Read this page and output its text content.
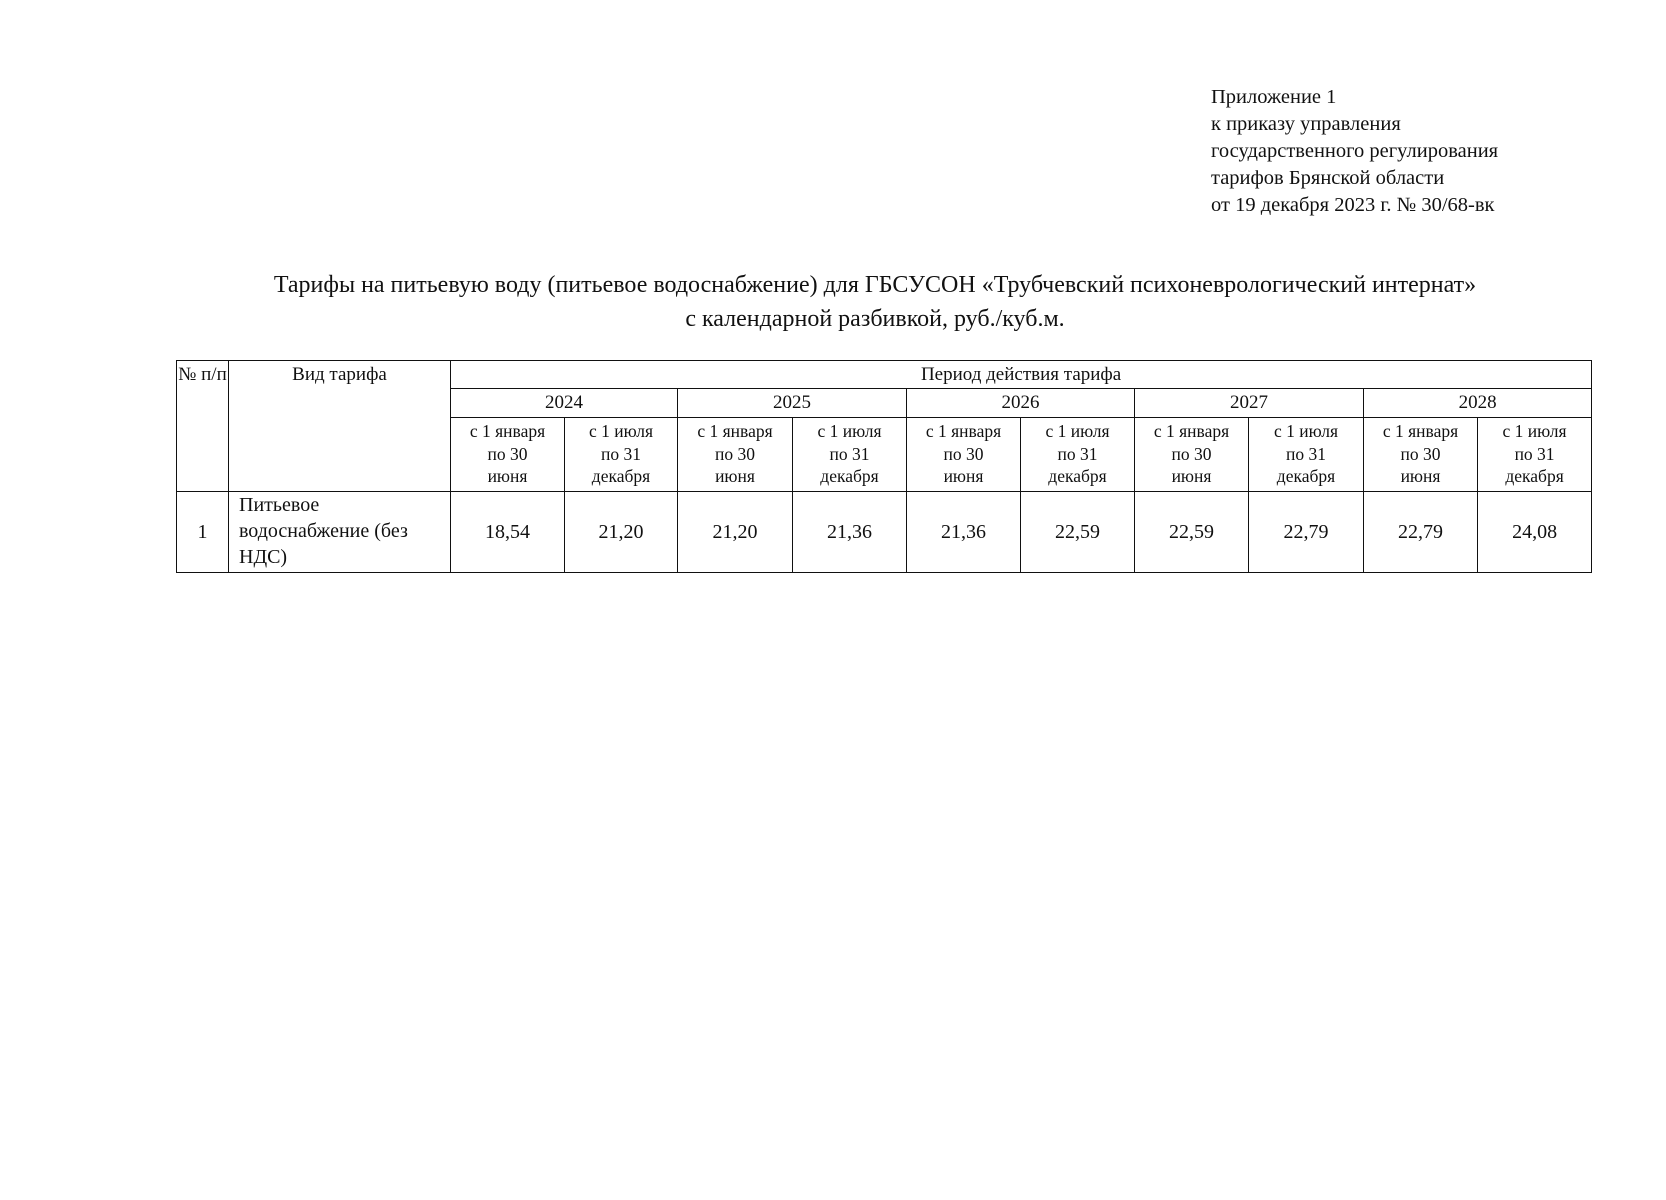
Приложение 1
к приказу управления
государственного регулирования
тарифов Брянской области
от 19 декабря 2023 г. № 30/68-вк
Тарифы на питьевую воду (питьевое водоснабжение) для ГБСУСОН «Трубчевский психоневрологический интернат»
с календарной разбивкой, руб./куб.м.
№ п/п	Вид тарифа	Период действия тарифа									
		2024		2025		2026		2027		2028	

		с 1 января
по 30
июня	с 1 июля
по 31
декабря	с 1 января
по 30
июня	с 1 июля
по 31
декабря	с 1 января
по 30
июня	с 1 июля
по 31
декабря	с 1 января
по 30
июня	с 1 июля
по 31
декабря	с 1 января
по 30
июня	с 1 июля
по 31
декабря

1	Питьевое водоснабжение (без НДС)	18,54	21,20	21,20	21,36	21,36	22,59	22,59	22,79	22,79	24,08
